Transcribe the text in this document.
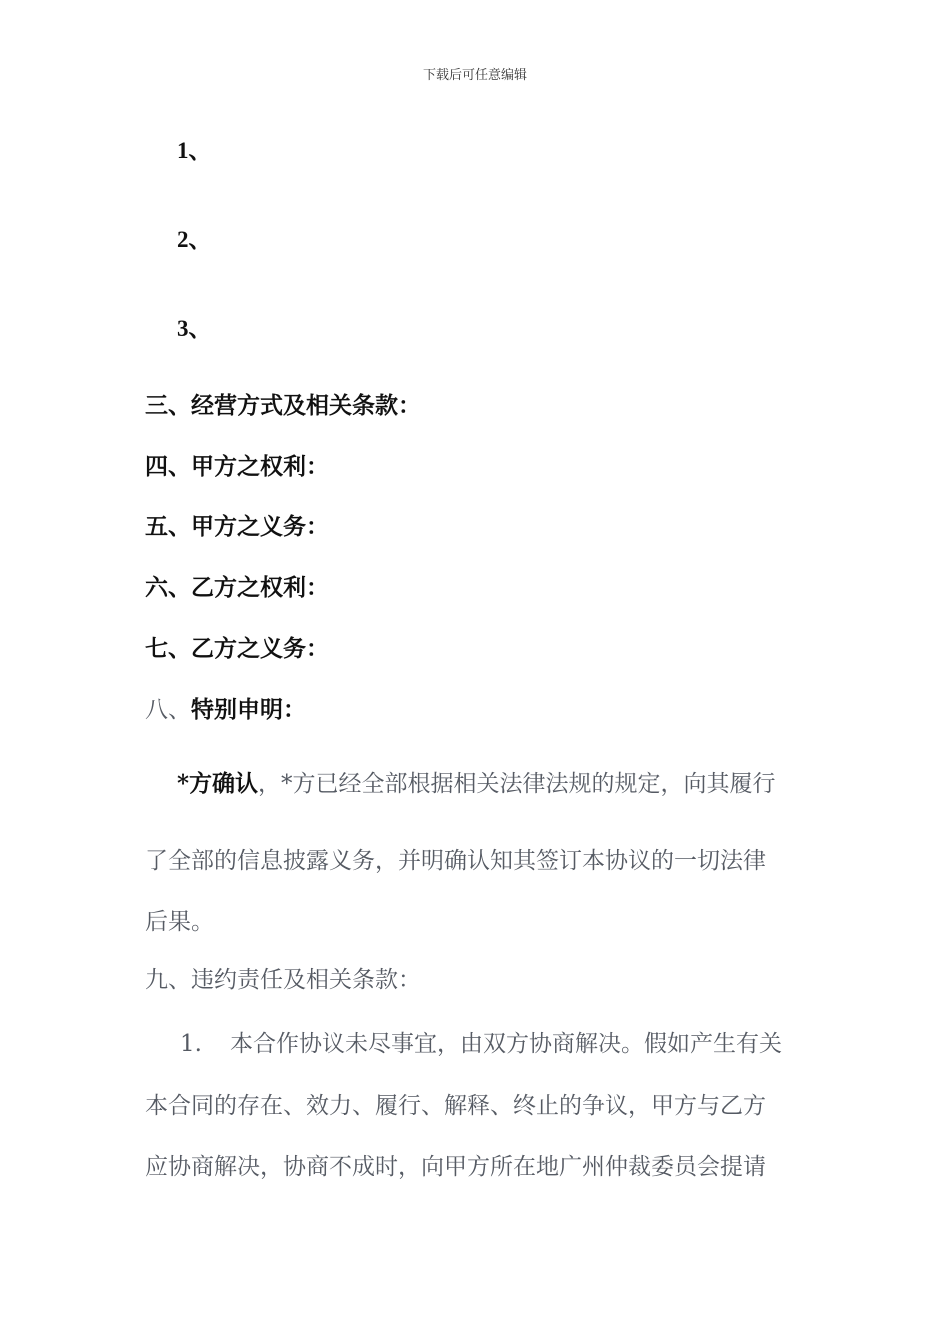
下载后可任意编辑
1、
2、
3、
三、经营方式及相关条款：
四、甲方之权利：
五、甲方之义务：
六、乙方之权利：
七、乙方之义务：
八、特别申明：
*方确认，*方已经全部根据相关法律法规的规定，向其履行
了全部的信息披露义务，并明确认知其签订本协议的一切法律
后果。
九、违约责任及相关条款：
1. 本合作协议未尽事宜，由双方协商解决。假如产生有关
本合同的存在、效力、履行、解释、终止的争议，甲方与乙方
应协商解决，协商不成时，向甲方所在地广州仲裁委员会提请
